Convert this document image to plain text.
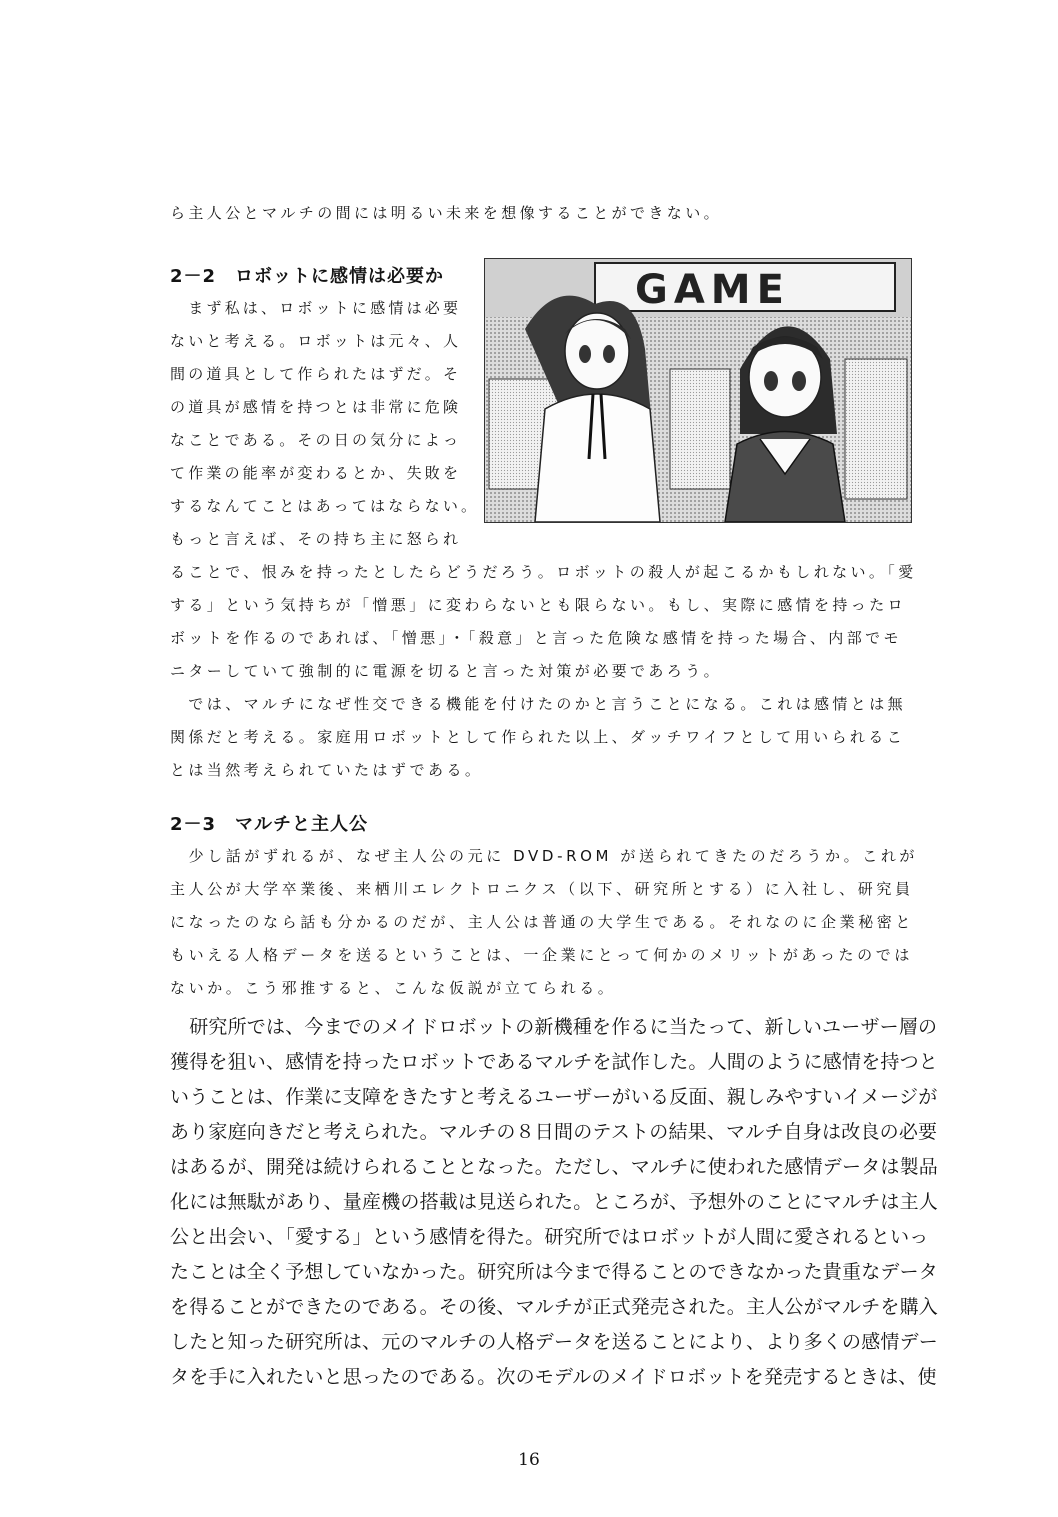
ら主人公とマルチの間には明るい未来を想像することができない。
2－2　ロボットに感情は必要か
　まず私は、ロボットに感情は必要
ないと考える。ロボットは元々、人
間の道具として作られたはずだ。そ
の道具が感情を持つとは非常に危険
なことである。その日の気分によっ
て作業の能率が変わるとか、失敗を
するなんてことはあってはならない。
もっと言えば、その持ち主に怒られ
ることで、恨みを持ったとしたらどうだろう。ロボットの殺人が起こるかもしれない。「愛
する」という気持ちが「憎悪」に変わらないとも限らない。もし、実際に感情を持ったロ
ボットを作るのであれば、「憎悪」・「殺意」と言った危険な感情を持った場合、内部でモ
ニターしていて強制的に電源を切ると言った対策が必要であろう。
　では、マルチになぜ性交できる機能を付けたのかと言うことになる。これは感情とは無
関係だと考える。家庭用ロボットとして作られた以上、ダッチワイフとして用いられるこ
とは当然考えられていたはずである。
2－3　マルチと主人公
　少し話がずれるが、なぜ主人公の元に DVD-ROM が送られてきたのだろうか。これが
主人公が大学卒業後、来栖川エレクトロニクス（以下、研究所とする）に入社し、研究員
になったのなら話も分かるのだが、主人公は普通の大学生である。それなのに企業秘密と
もいえる人格データを送るということは、一企業にとって何かのメリットがあったのでは
ないか。こう邪推すると、こんな仮説が立てられる。
　研究所では、今までのメイドロボットの新機種を作るに当たって、新しいユーザー層の
獲得を狙い、感情を持ったロボットであるマルチを試作した。人間のように感情を持つと
いうことは、作業に支障をきたすと考えるユーザーがいる反面、親しみやすいイメージが
あり家庭向きだと考えられた。マルチの８日間のテストの結果、マルチ自身は改良の必要
はあるが、開発は続けられることとなった。ただし、マルチに使われた感情データは製品
化には無駄があり、量産機の搭載は見送られた。ところが、予想外のことにマルチは主人
公と出会い、「愛する」という感情を得た。研究所ではロボットが人間に愛されるといっ
たことは全く予想していなかった。研究所は今まで得ることのできなかった貴重なデータ
を得ることができたのである。その後、マルチが正式発売された。主人公がマルチを購入
したと知った研究所は、元のマルチの人格データを送ることにより、より多くの感情デー
タを手に入れたいと思ったのである。次のモデルのメイドロボットを発売するときは、使
GAME
16
